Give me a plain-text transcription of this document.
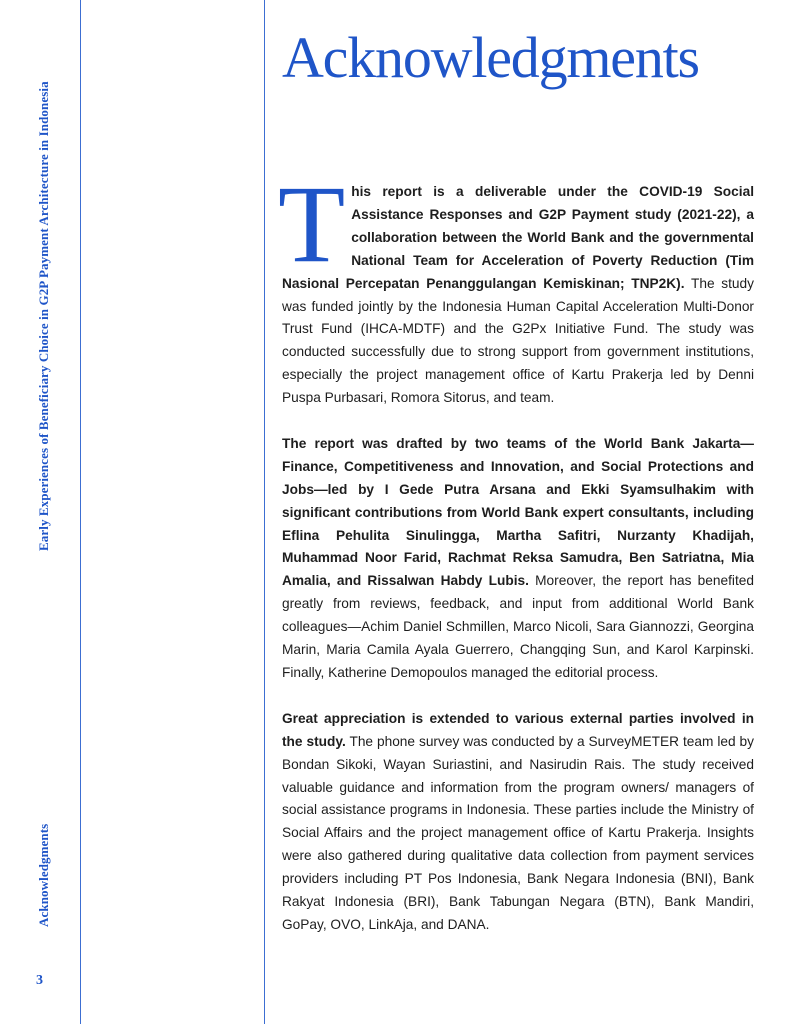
Early Experiences of Beneficiary Choice in G2P Payment Architecture in Indonesia
Acknowledgments
3
Acknowledgments

This report is a deliverable under the COVID-19 Social Assistance Responses and G2P Payment study (2021-22), a collaboration between the World Bank and the governmental National Team for Acceleration of Poverty Reduction (Tim Nasional Percepatan Penanggulangan Kemiskinan; TNP2K). The study was funded jointly by the Indonesia Human Capital Acceleration Multi-Donor Trust Fund (IHCA-MDTF) and the G2Px Initiative Fund. The study was conducted successfully due to strong support from government institutions, especially the project management office of Kartu Prakerja led by Denni Puspa Purbasari, Romora Sitorus, and team.

The report was drafted by two teams of the World Bank Jakarta—Finance, Competitiveness and Innovation, and Social Protections and Jobs—led by I Gede Putra Arsana and Ekki Syamsulhakim with significant contributions from World Bank expert consultants, including Eflina Pehulita Sinulingga, Martha Safitri, Nurzanty Khadijah, Muhammad Noor Farid, Rachmat Reksa Samudra, Ben Satriatna, Mia Amalia, and Rissalwan Habdy Lubis. Moreover, the report has benefited greatly from reviews, feedback, and input from additional World Bank colleagues—Achim Daniel Schmillen, Marco Nicoli, Sara Giannozzi, Georgina Marin, Maria Camila Ayala Guerrero, Changqing Sun, and Karol Karpinski. Finally, Katherine Demopoulos managed the editorial process.

Great appreciation is extended to various external parties involved in the study. The phone survey was conducted by a SurveyMETER team led by Bondan Sikoki, Wayan Suriastini, and Nasirudin Rais. The study received valuable guidance and information from the program owners/ managers of social assistance programs in Indonesia. These parties include the Ministry of Social Affairs and the project management office of Kartu Prakerja. Insights were also gathered during qualitative data collection from payment services providers including PT Pos Indonesia, Bank Negara Indonesia (BNI), Bank Rakyat Indonesia (BRI), Bank Tabungan Negara (BTN), Bank Mandiri, GoPay, OVO, LinkAja, and DANA.
